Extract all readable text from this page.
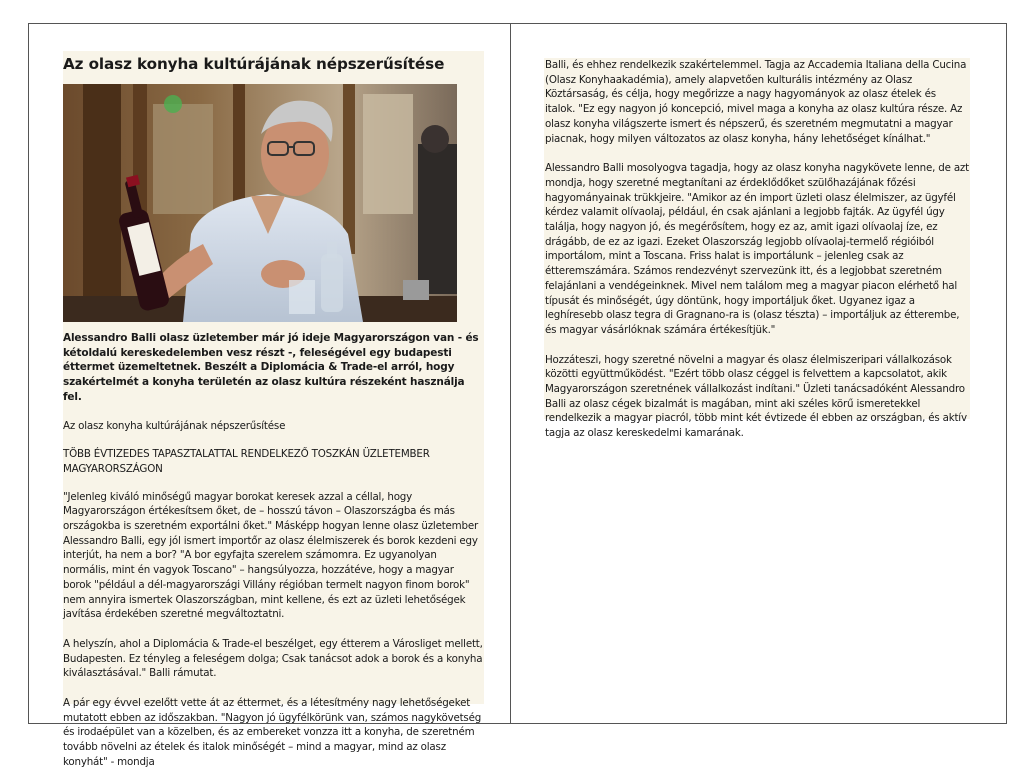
Az olasz konyha kultúrájának népszerűsítése

Alessandro Balli olasz üzletember már jó ideje Magyarországon van - és kétoldalú kereskedelemben vesz részt -, feleségével egy budapesti éttermet üzemeltetnek. Beszélt a Diplomácia & Trade-el arról, hogy szakértelmét a konyha területén az olasz kultúra részeként használja fel.

Az olasz konyha kultúrájának népszerűsítése

TÖBB ÉVTIZEDES TAPASZTALATTAL RENDELKEZŐ TOSZKÁN ÜZLETEMBER MAGYARORSZÁGON

"Jelenleg kiváló minőségű magyar borokat keresek azzal a céllal, hogy Magyarországon értékesítsem őket, de – hosszú távon – Olaszországba és más országokba is szeretném exportálni őket." Másképp hogyan lenne olasz üzletember Alessandro Balli, egy jól ismert importőr az olasz élelmiszerek és borok kezdeni egy interjút, ha nem a bor? "A bor egyfajta szerelem számomra. Ez ugyanolyan normális, mint én vagyok Toscano" – hangsúlyozza, hozzátéve, hogy a magyar borok "például a dél-magyarországi Villány régióban termelt nagyon finom borok" nem annyira ismertek Olaszországban, mint kellene, és ezt az üzleti lehetőségek javítása érdekében szeretné megváltoztatni.

A helyszín, ahol a Diplomácia & Trade-el beszélget, egy étterem a Városliget mellett, Budapesten. Ez tényleg a feleségem dolga; Csak tanácsot adok a borok és a konyha kiválasztásával." Balli rámutat.

A pár egy évvel ezelőtt vette át az éttermet, és a létesítmény nagy lehetőségeket mutatott ebben az időszakban. "Nagyon jó ügyfélkörünk van, számos nagykövetség és irodaépület van a közelben, és az embereket vonzza itt a konyha, de szeretném tovább növelni az ételek és italok minőségét – mind a magyar, mind az olasz konyhát" - mondja

Balli, és ehhez rendelkezik szakértelemmel. Tagja az Accademia Italiana della Cucina (Olasz Konyhaakadémia), amely alapvetően kulturális intézmény az Olasz Köztársaság, és célja, hogy megőrizze a nagy hagyományok az olasz ételek és italok. "Ez egy nagyon jó koncepció, mivel maga a konyha az olasz kultúra része. Az olasz konyha világszerte ismert és népszerű, és szeretném megmutatni a magyar piacnak, hogy milyen változatos az olasz konyha, hány lehetőséget kínálhat."

Alessandro Balli mosolyogva tagadja, hogy az olasz konyha nagykövete lenne, de azt mondja, hogy szeretné megtanítani az érdeklődőket szülőhazájának főzési hagyományainak trükkjeire. "Amikor az én import üzleti olasz élelmiszer, az ügyfél kérdez valamit olívaolaj, például, én csak ajánlani a legjobb fajták. Az ügyfél úgy találja, hogy nagyon jó, és megérősítem, hogy ez az, amit igazi olívaolaj íze, ez drágább, de ez az igazi. Ezeket Olaszország legjobb olívaolaj-termelő régióiból importálom, mint a Toscana. Friss halat is importálunk – jelenleg csak az étteremszámára. Számos rendezvényt szervezünk itt, és a legjobbat szeretném felajánlani a vendégeinknek. Mivel nem találom meg a magyar piacon elérhető hal típusát és minőségét, úgy döntünk, hogy importáljuk őket. Ugyanez igaz a leghíresebb olasz tegra di Gragnano-ra is (olasz tészta) – importáljuk az étterembe, és magyar vásárlóknak számára értékesítjük."

Hozzáteszi, hogy szeretné növelni a magyar és olasz élelmiszeripari vállalkozások közötti együttműködést. "Ezért több olasz céggel is felvettem a kapcsolatot, akik Magyarországon szeretnének vállalkozást indítani." Üzleti tanácsadóként Alessandro Balli az olasz cégek bizalmát is magában, mint aki széles körű ismeretekkel rendelkezik a magyar piacról, több mint két évtizede él ebben az országban, és aktív tagja az olasz kereskedelmi kamarának.
